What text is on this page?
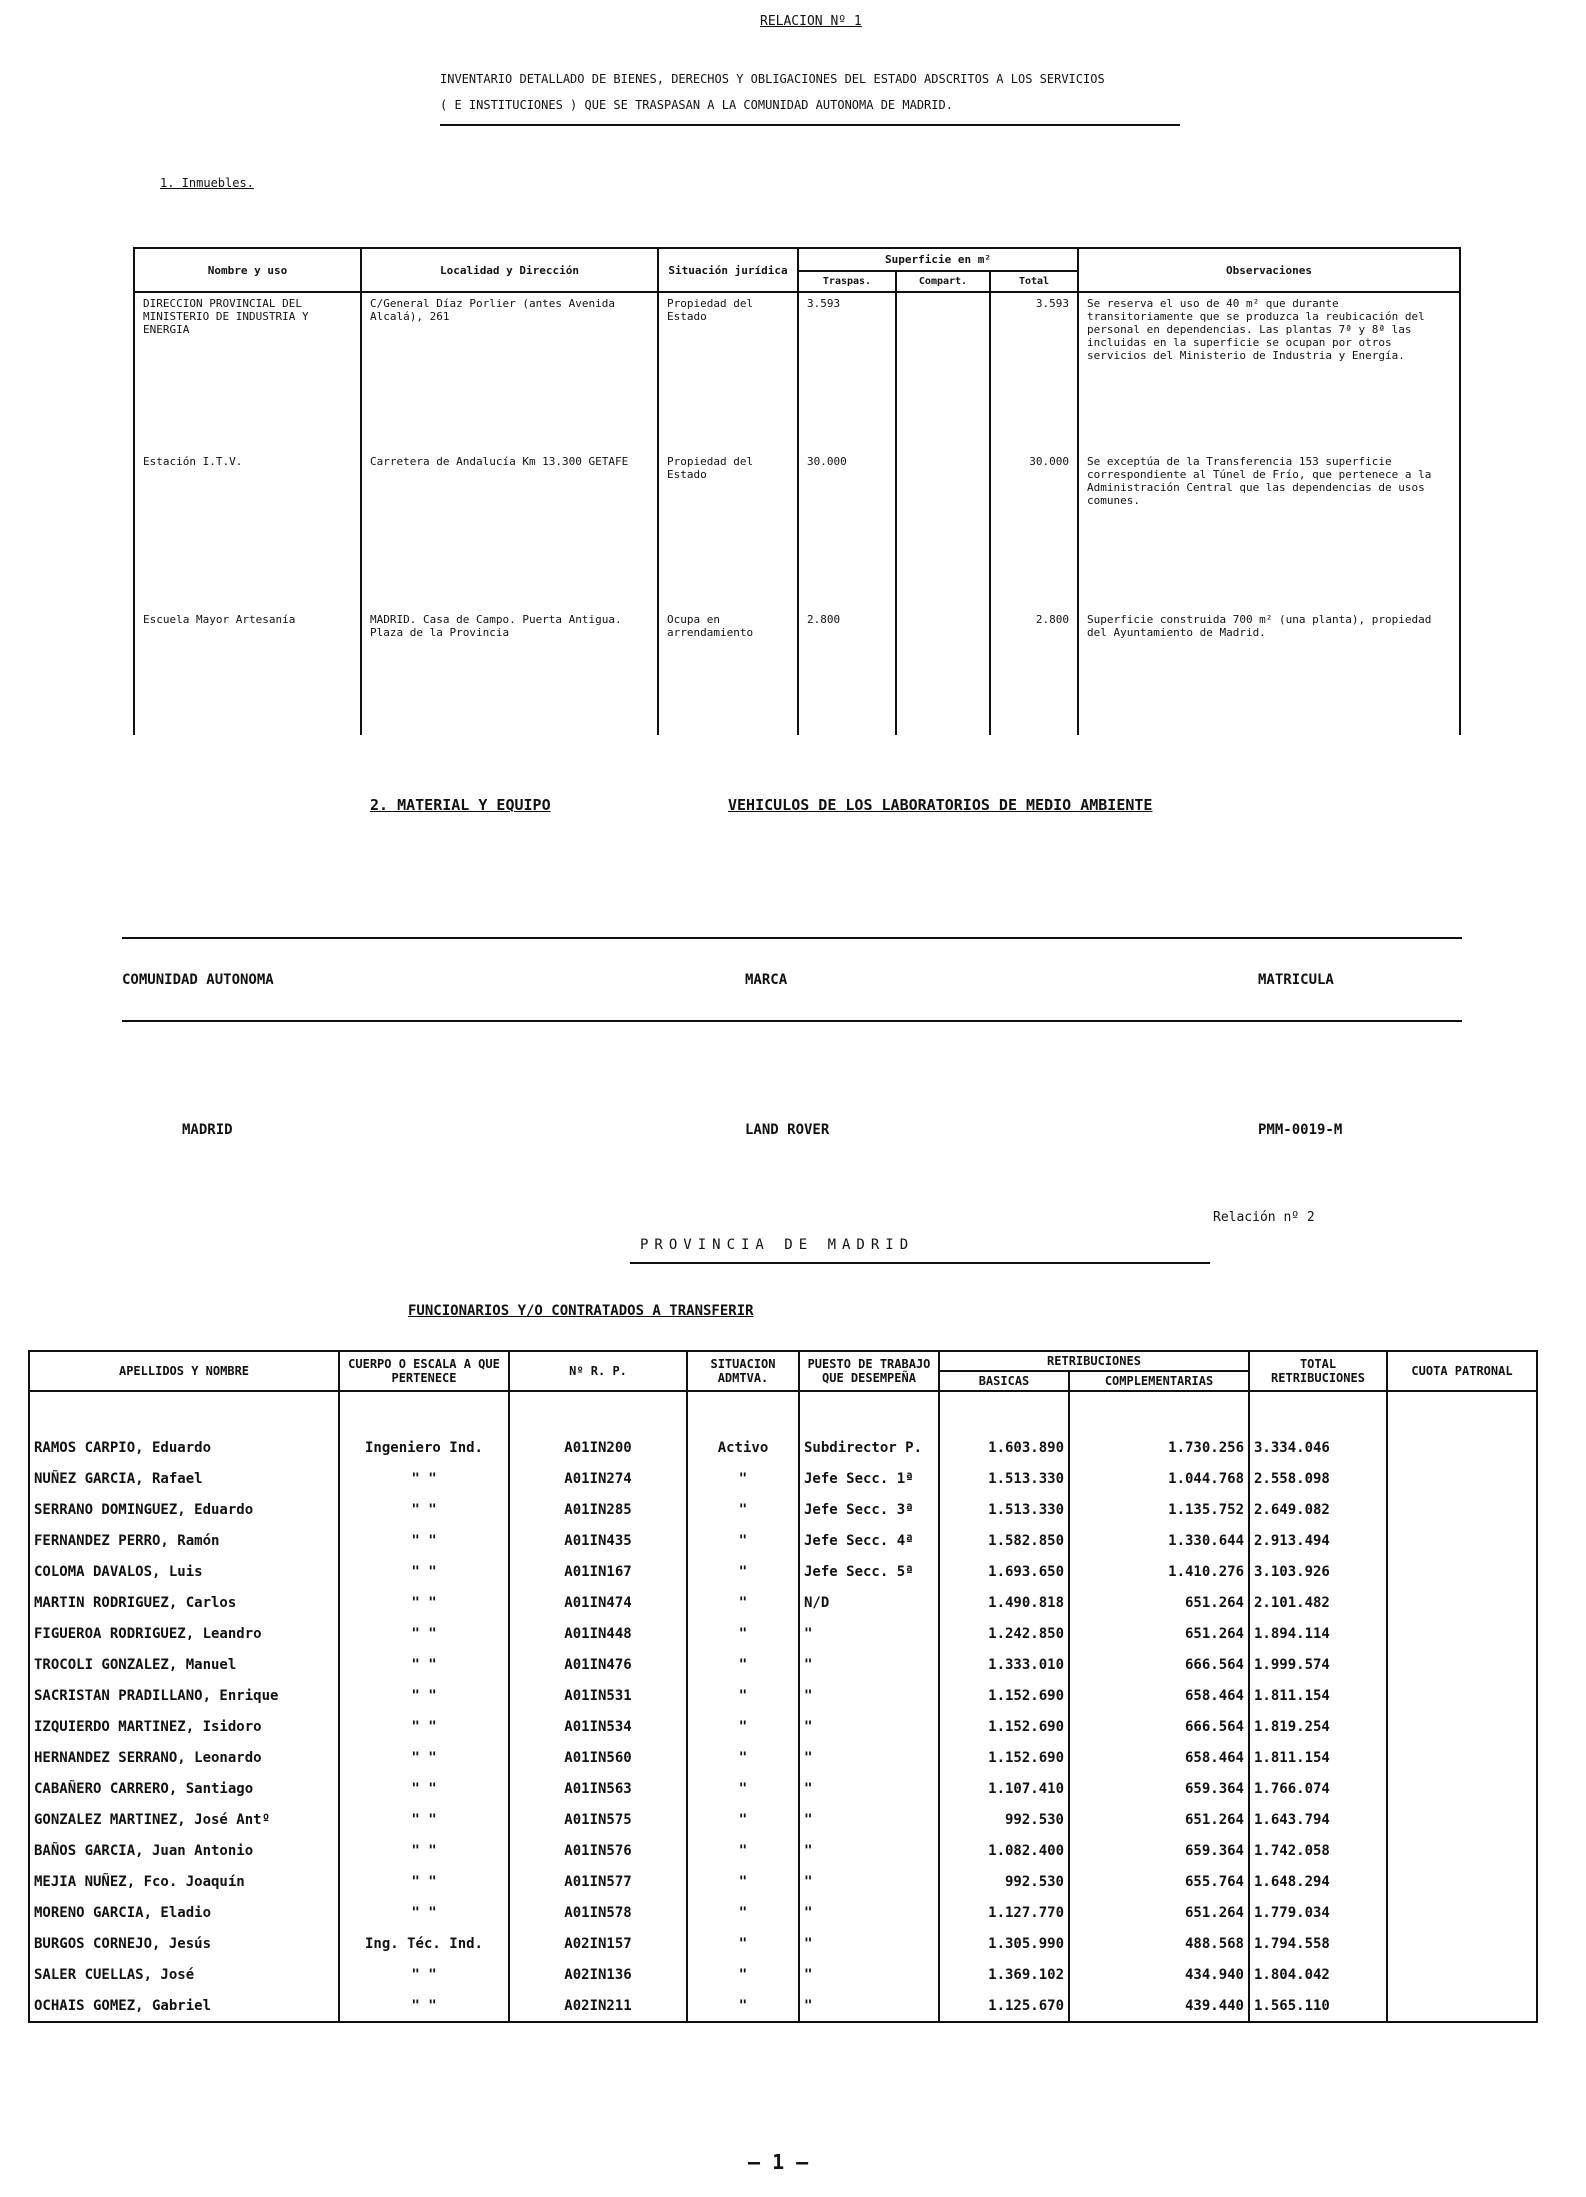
RELACION Nº 1
INVENTARIO DETALLADO DE BIENES, DERECHOS Y OBLIGACIONES DEL ESTADO ADSCRITOS A LOS SERVICIOS
( E INSTITUCIONES ) QUE SE TRASPASAN A LA COMUNIDAD AUTONOMA DE MADRID.
1. Inmuebles.
Nombre y uso	Localidad y Dirección	Situación jurídica	Superficie en m²			Observaciones
			Traspas.	Compart.	Total	
DIRECCION PROVINCIAL DEL MINISTERIO DE INDUSTRIA Y ENERGIA	C/General Díaz Porlier (antes Avenida Alcalá), 261	Propiedad del Estado	3.593		3.593	Se reserva el uso de 40 m² que durante transitoriamente que se produzca la reubicación del personal en dependencias. Las plantas 7ª y 8ª las incluidas en la superficie se ocupan por otros servicios del Ministerio de Industria y Energía.
Estación I.T.V.	Carretera de Andalucía Km 13.300 GETAFE	Propiedad del Estado	30.000		30.000	Se exceptúa de la Transferencia 153 superficie correspondiente al Túnel de Frío, que pertenece a la Administración Central que las dependencias de usos comunes.
Escuela Mayor Artesanía	MADRID. Casa de Campo. Puerta Antigua. Plaza de la Provincia	Ocupa en arrendamiento	2.800		2.800	Superficie construida 700 m² (una planta), propiedad del Ayuntamiento de Madrid.
2. MATERIAL Y EQUIPO	VEHICULOS DE LOS LABORATORIOS DE MEDIO AMBIENTE
COMUNIDAD AUTONOMA	MARCA	MATRICULA
MADRID	LAND ROVER	PMM-0019-M
Relación nº 2
PROVINCIA DE MADRID
FUNCIONARIOS Y/O CONTRATADOS A TRANSFERIR
APELLIDOS Y NOMBRE	CUERPO O ESCALA A QUE PERTENECE	Nº R. P.	SITUACION ADMTVA.	PUESTO DE TRABAJO QUE DESEMPEÑA	RETRIBUCIONES		TOTAL RETRIBUCIONES	CUOTA PATRONAL
					BASICAS	COMPLEMENTARIAS		

RAMOS CARPIO, Eduardo	Ingeniero Ind.	A01IN200	Activo	Subdirector P.	1.603.890	1.730.256	3.334.046	
NUÑEZ GARCIA, Rafael	" "	A01IN274	"	Jefe Secc. 1ª	1.513.330	1.044.768	2.558.098	
SERRANO DOMINGUEZ, Eduardo	" "	A01IN285	"	Jefe Secc. 3ª	1.513.330	1.135.752	2.649.082	
FERNANDEZ PERRO, Ramón	" "	A01IN435	"	Jefe Secc. 4ª	1.582.850	1.330.644	2.913.494	
COLOMA DAVALOS, Luis	" "	A01IN167	"	Jefe Secc. 5ª	1.693.650	1.410.276	3.103.926	
MARTIN RODRIGUEZ, Carlos	" "	A01IN474	"	N/D	1.490.818	651.264	2.101.482	
FIGUEROA RODRIGUEZ, Leandro	" "	A01IN448	"	"	1.242.850	651.264	1.894.114	
TROCOLI GONZALEZ, Manuel	" "	A01IN476	"	"	1.333.010	666.564	1.999.574	
SACRISTAN PRADILLANO, Enrique	" "	A01IN531	"	"	1.152.690	658.464	1.811.154	
IZQUIERDO MARTINEZ, Isidoro	" "	A01IN534	"	"	1.152.690	666.564	1.819.254	
HERNANDEZ SERRANO, Leonardo	" "	A01IN560	"	"	1.152.690	658.464	1.811.154	
CABAÑERO CARRERO, Santiago	" "	A01IN563	"	"	1.107.410	659.364	1.766.074	
GONZALEZ MARTINEZ, José Antº	" "	A01IN575	"	"	992.530	651.264	1.643.794	
BAÑOS GARCIA, Juan Antonio	" "	A01IN576	"	"	1.082.400	659.364	1.742.058	
MEJIA NUÑEZ, Fco. Joaquín	" "	A01IN577	"	"	992.530	655.764	1.648.294	
MORENO GARCIA, Eladio	" "	A01IN578	"	"	1.127.770	651.264	1.779.034	
BURGOS CORNEJO, Jesús	Ing. Téc. Ind.	A02IN157	"	"	1.305.990	488.568	1.794.558	
SALER CUELLAS, José	" "	A02IN136	"	"	1.369.102	434.940	1.804.042	
OCHAIS GOMEZ, Gabriel	" "	A02IN211	"	"	1.125.670	439.440	1.565.110	
— 1 —
